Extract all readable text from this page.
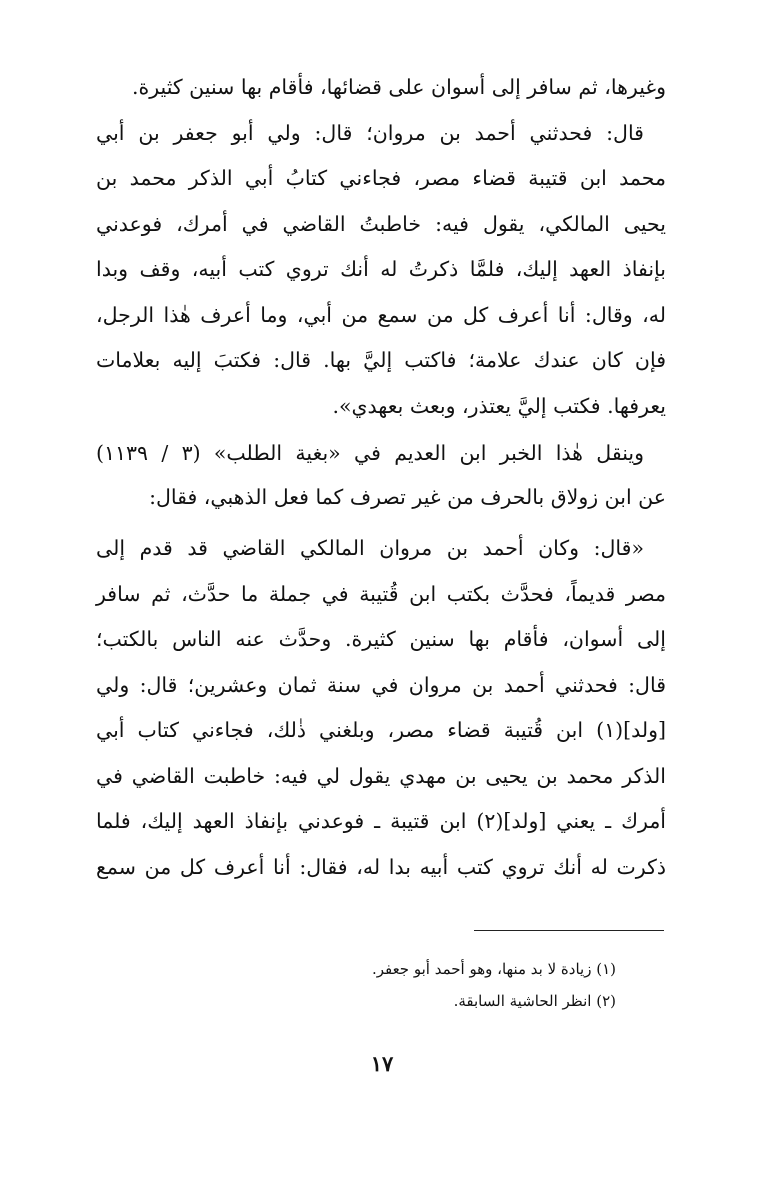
وغيرها، ثم سافر إلى أسوان على قضائها، فأقام بها سنين كثيرة.
قال: فحدثني أحمد بن مروان؛ قال: ولي أبو جعفر بن أبي
محمد ابن قتيبة قضاء مصر، فجاءني كتابُ أبي الذكر محمد بن
يحيى المالكي، يقول فيه: خاطبتُ القاضي في أمرك، فوعدني
بإنفاذ العهد إليك، فلمَّا ذكرتُ له أنك تروي كتب أبيه، وقف وبدا
له، وقال: أنا أعرف كل من سمع من أبي، وما أعرف هٰذا الرجل،
فإن كان عندك علامة؛ فاكتب إليَّ بها. قال: فكتبَ إليه بعلامات
يعرفها. فكتب إليَّ يعتذر، وبعث بعهدي».
وينقل هٰذا الخبر ابن العديم في «بغية الطلب» (٣ / ١١٣٩)
عن ابن زولاق بالحرف من غير تصرف كما فعل الذهبي، فقال:
«قال: وكان أحمد بن مروان المالكي القاضي قد قدم إلى
مصر قديماً، فحدَّث بكتب ابن قُتيبة في جملة ما حدَّث، ثم سافر
إلى أسوان، فأقام بها سنين كثيرة. وحدَّث عنه الناس بالكتب؛
قال: فحدثني أحمد بن مروان في سنة ثمان وعشرين؛ قال: ولي
[ولد](١) ابن قُتيبة قضاء مصر، وبلغني ذٰلك، فجاءني كتاب أبي
الذكر محمد بن يحيى بن مهدي يقول لي فيه: خاطبت القاضي في
أمرك ـ يعني [ولد](٢) ابن قتيبة ـ فوعدني بإنفاذ العهد إليك، فلما
ذكرت له أنك تروي كتب أبيه بدا له، فقال: أنا أعرف كل من سمع
(١) زيادة لا بد منها، وهو أحمد أبو جعفر.
(٢) انظر الحاشية السابقة.
١٧
